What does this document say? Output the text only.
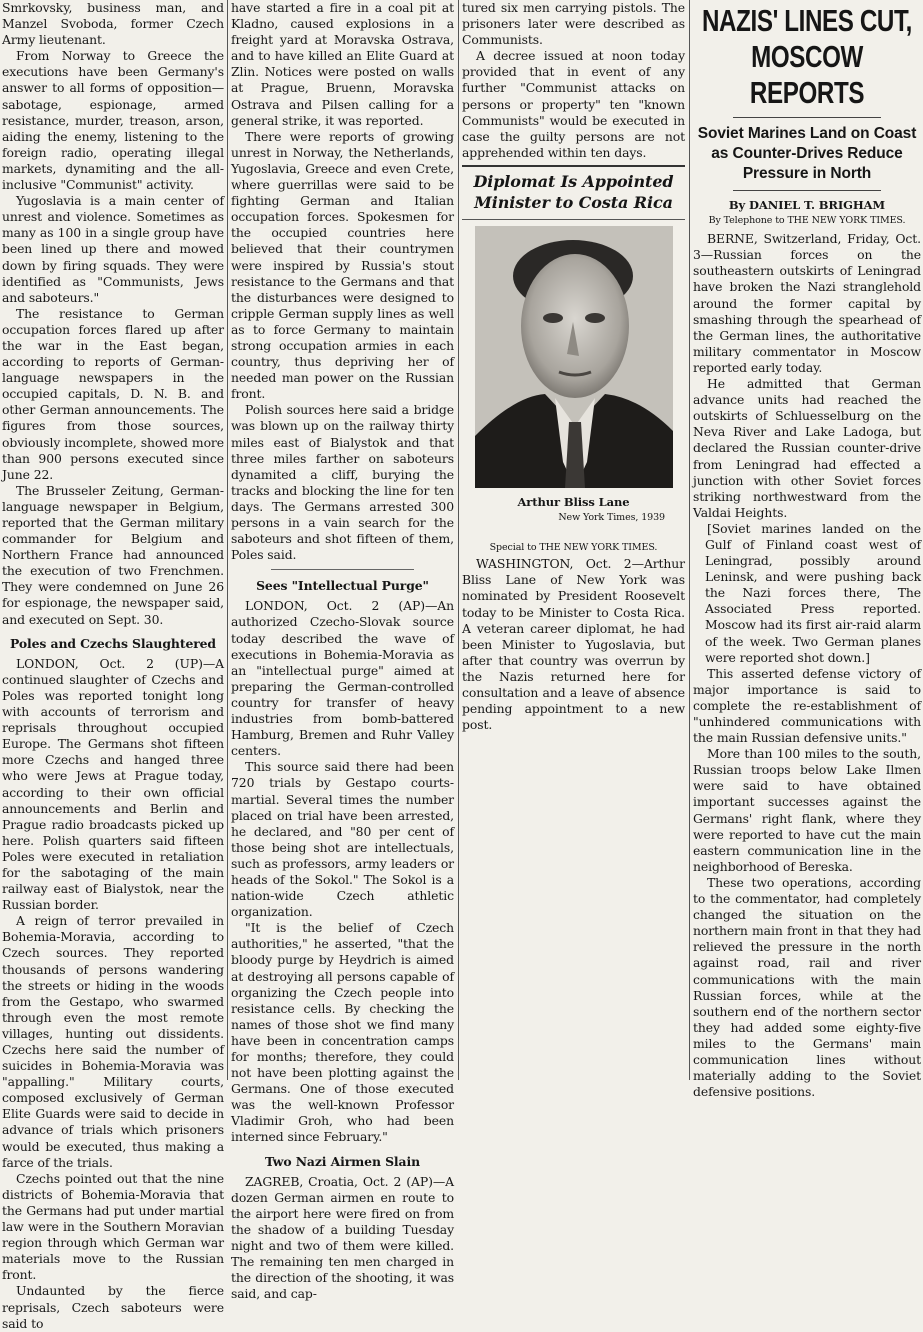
Smrkovsky, business man, and Manzel Svoboda, former Czech Army lieutenant.

From Norway to Greece the executions have been Germany's answer to all forms of opposition—sabotage, espionage, armed resistance, murder, treason, arson, aiding the enemy, listening to the foreign radio, operating illegal markets, dynamiting and the all-inclusive "Communist" activity.

Yugoslavia is a main center of unrest and violence. Sometimes as many as 100 in a single group have been lined up there and mowed down by firing squads. They were identified as "Communists, Jews and saboteurs."

The resistance to German occupation forces flared up after the war in the East began, according to reports of German-language newspapers in the occupied capitals, D. N. B. and other German announcements. The figures from those sources, obviously incomplete, showed more than 900 persons executed since June 22.

The Brusseler Zeitung, German-language newspaper in Belgium, reported that the German military commander for Belgium and Northern France had announced the execution of two Frenchmen. They were condemned on June 26 for espionage, the newspaper said, and executed on Sept. 30.

Poles and Czechs Slaughtered

LONDON, Oct. 2 (UP)—A continued slaughter of Czechs and Poles was reported tonight long with accounts of terrorism and reprisals throughout occupied Europe. The Germans shot fifteen more Czechs and hanged three who were Jews at Prague today, according to their own official announcements and Berlin and Prague radio broadcasts picked up here. Polish quarters said fifteen Poles were executed in retaliation for the sabotaging of the main railway east of Bialystok, near the Russian border.

A reign of terror prevailed in Bohemia-Moravia, according to Czech sources. They reported thousands of persons wandering the streets or hiding in the woods from the Gestapo, who swarmed through even the most remote villages, hunting out dissidents. Czechs here said the number of suicides in Bohemia-Moravia was "appalling." Military courts, composed exclusively of German Elite Guards were said to decide in advance of trials which prisoners would be executed, thus making a farce of the trials.

Czechs pointed out that the nine districts of Bohemia-Moravia that the Germans had put under martial law were in the Southern Moravian region through which German war materials move to the Russian front.

Undaunted by the fierce reprisals, Czech saboteurs were said to

have started a fire in a coal pit at Kladno, caused explosions in a freight yard at Moravska Ostrava, and to have killed an Elite Guard at Zlin. Notices were posted on walls at Prague, Bruenn, Moravska Ostrava and Pilsen calling for a general strike, it was reported.

There were reports of growing unrest in Norway, the Netherlands, Yugoslavia, Greece and even Crete, where guerrillas were said to be fighting German and Italian occupation forces. Spokesmen for the occupied countries here believed that their countrymen were inspired by Russia's stout resistance to the Germans and that the disturbances were designed to cripple German supply lines as well as to force Germany to maintain strong occupation armies in each country, thus depriving her of needed man power on the Russian front.

Polish sources here said a bridge was blown up on the railway thirty miles east of Bialystok and that three miles farther on saboteurs dynamited a cliff, burying the tracks and blocking the line for ten days. The Germans arrested 300 persons in a vain search for the saboteurs and shot fifteen of them, Poles said.

Sees "Intellectual Purge"

LONDON, Oct. 2 (AP)—An authorized Czecho-Slovak source today described the wave of executions in Bohemia-Moravia as an "intellectual purge" aimed at preparing the German-controlled country for transfer of heavy industries from bomb-battered Hamburg, Bremen and Ruhr Valley centers.

This source said there had been 720 trials by Gestapo courts-martial. Several times the number placed on trial have been arrested, he declared, and "80 per cent of those being shot are intellectuals, such as professors, army leaders or heads of the Sokol." The Sokol is a nation-wide Czech athletic organization.

"It is the belief of Czech authorities," he asserted, "that the bloody purge by Heydrich is aimed at destroying all persons capable of organizing the Czech people into resistance cells. By checking the names of those shot we find many have been in concentration camps for months; therefore, they could not have been plotting against the Germans. One of those executed was the well-known Professor Vladimir Groh, who had been interned since February."

Two Nazi Airmen Slain

ZAGREB, Croatia, Oct. 2 (AP)—A dozen German airmen en route to the airport here were fired on from the shadow of a building Tuesday night and two of them were killed. The remaining ten men charged in the direction of the shooting, it was said, and cap-

tured six men carrying pistols. The prisoners later were described as Communists.

A decree issued at noon today provided that in event of any further "Communist attacks on persons or property" ten "known Communists" would be executed in case the guilty persons are not apprehended within ten days.

Diplomat Is Appointed Minister to Costa Rica
Arthur Bliss Lane
New York Times, 1939
Special to THE NEW YORK TIMES.

WASHINGTON, Oct. 2—Arthur Bliss Lane of New York was nominated by President Roosevelt today to be Minister to Costa Rica. A veteran career diplomat, he had been Minister to Yugoslavia, but after that country was overrun by the Nazis returned here for consultation and a leave of absence pending appointment to a new post.

NAZIS' LINES CUT, MOSCOW REPORTS
Soviet Marines Land on Coast as Counter-Drives Reduce Pressure in North
By DANIEL T. BRIGHAM
By Telephone to THE NEW YORK TIMES.

BERNE, Switzerland, Friday, Oct. 3—Russian forces on the southeastern outskirts of Leningrad have broken the Nazi stranglehold around the former capital by smashing through the spearhead of the German lines, the authoritative military commentator in Moscow reported early today.

He admitted that German advance units had reached the outskirts of Schluesselburg on the Neva River and Lake Ladoga, but declared the Russian counter-drive from Leningrad had effected a junction with other Soviet forces striking northwestward from the Valdai Heights.

[Soviet marines landed on the Gulf of Finland coast west of Leningrad, possibly around Leninsk, and were pushing back the Nazi forces there, The Associated Press reported. Moscow had its first air-raid alarm of the week. Two German planes were reported shot down.]

This asserted defense victory of major importance is said to complete the re-establishment of "unhindered communications with the main Russian defensive units."

More than 100 miles to the south, Russian troops below Lake Ilmen were said to have obtained important successes against the Germans' right flank, where they were reported to have cut the main eastern communication line in the neighborhood of Bereska.

These two operations, according to the commentator, had completely changed the situation on the northern main front in that they had relieved the pressure in the north against road, rail and river communications with the main Russian forces, while at the southern end of the northern sector they had added some eighty-five miles to the Germans' main communication lines without materially adding to the Soviet defensive positions.
